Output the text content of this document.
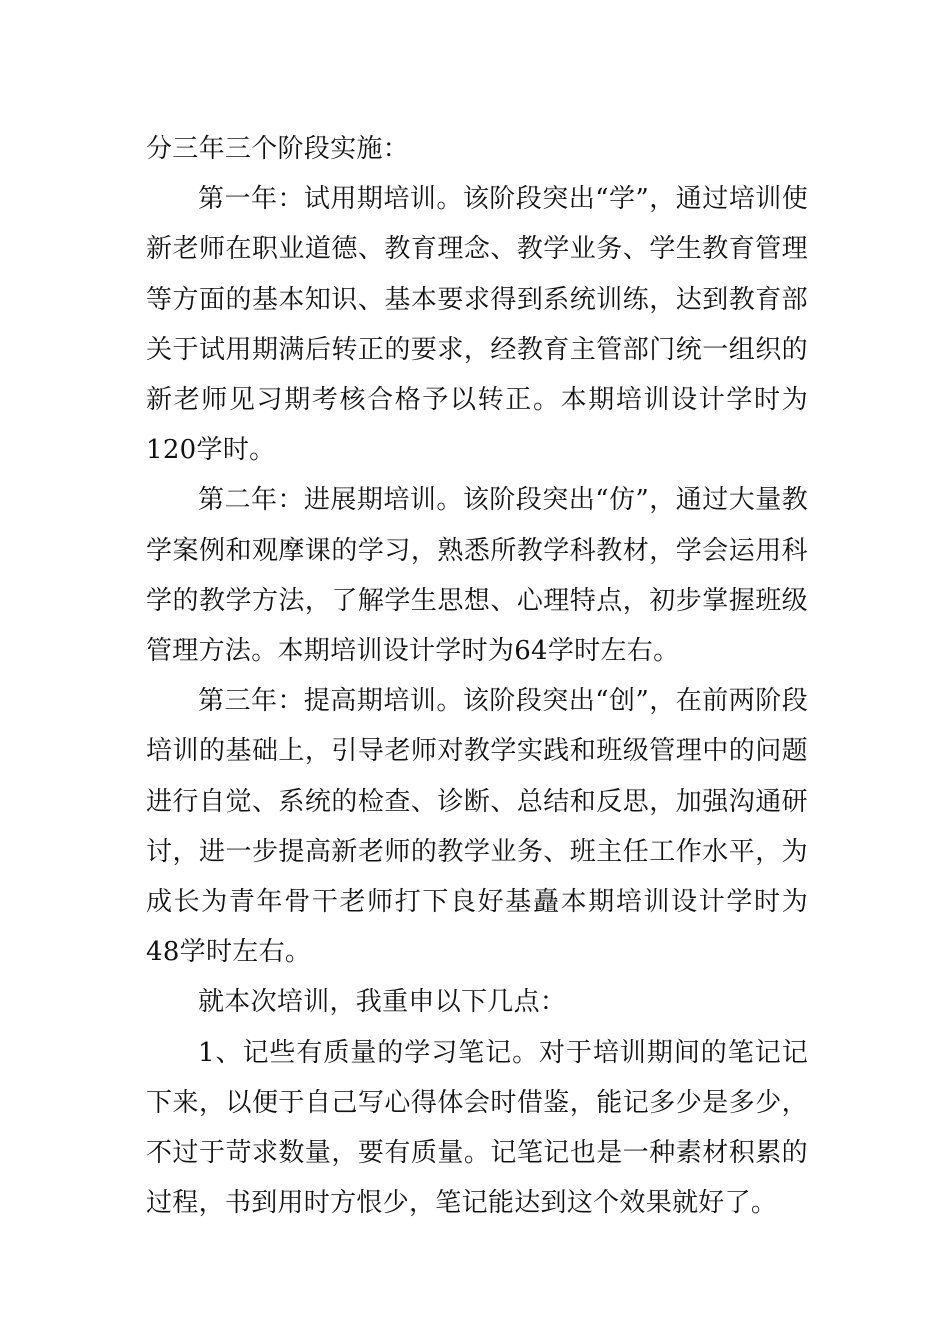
分三年三个阶段实施：

第一年：试用期培训。该阶段突出“学”，通过培训使新老师在职业道德、教育理念、教学业务、学生教育管理等方面的基本知识、基本要求得到系统训练，达到教育部关于试用期满后转正的要求，经教育主管部门统一组织的新老师见习期考核合格予以转正。本期培训设计学时为120学时。

第二年：进展期培训。该阶段突出“仿”，通过大量教学案例和观摩课的学习，熟悉所教学科教材，学会运用科学的教学方法，了解学生思想、心理特点，初步掌握班级管理方法。本期培训设计学时为64学时左右。

第三年：提高期培训。该阶段突出“创”，在前两阶段培训的基础上，引导老师对教学实践和班级管理中的问题进行自觉、系统的检查、诊断、总结和反思，加强沟通研讨，进一步提高新老师的教学业务、班主任工作水平，为成长为青年骨干老师打下良好基矗本期培训设计学时为48学时左右。

就本次培训，我重申以下几点：

1、记些有质量的学习笔记。对于培训期间的笔记记下来，以便于自己写心得体会时借鉴，能记多少是多少，不过于苛求数量，要有质量。记笔记也是一种素材积累的过程，书到用时方恨少，笔记能达到这个效果就好了。
